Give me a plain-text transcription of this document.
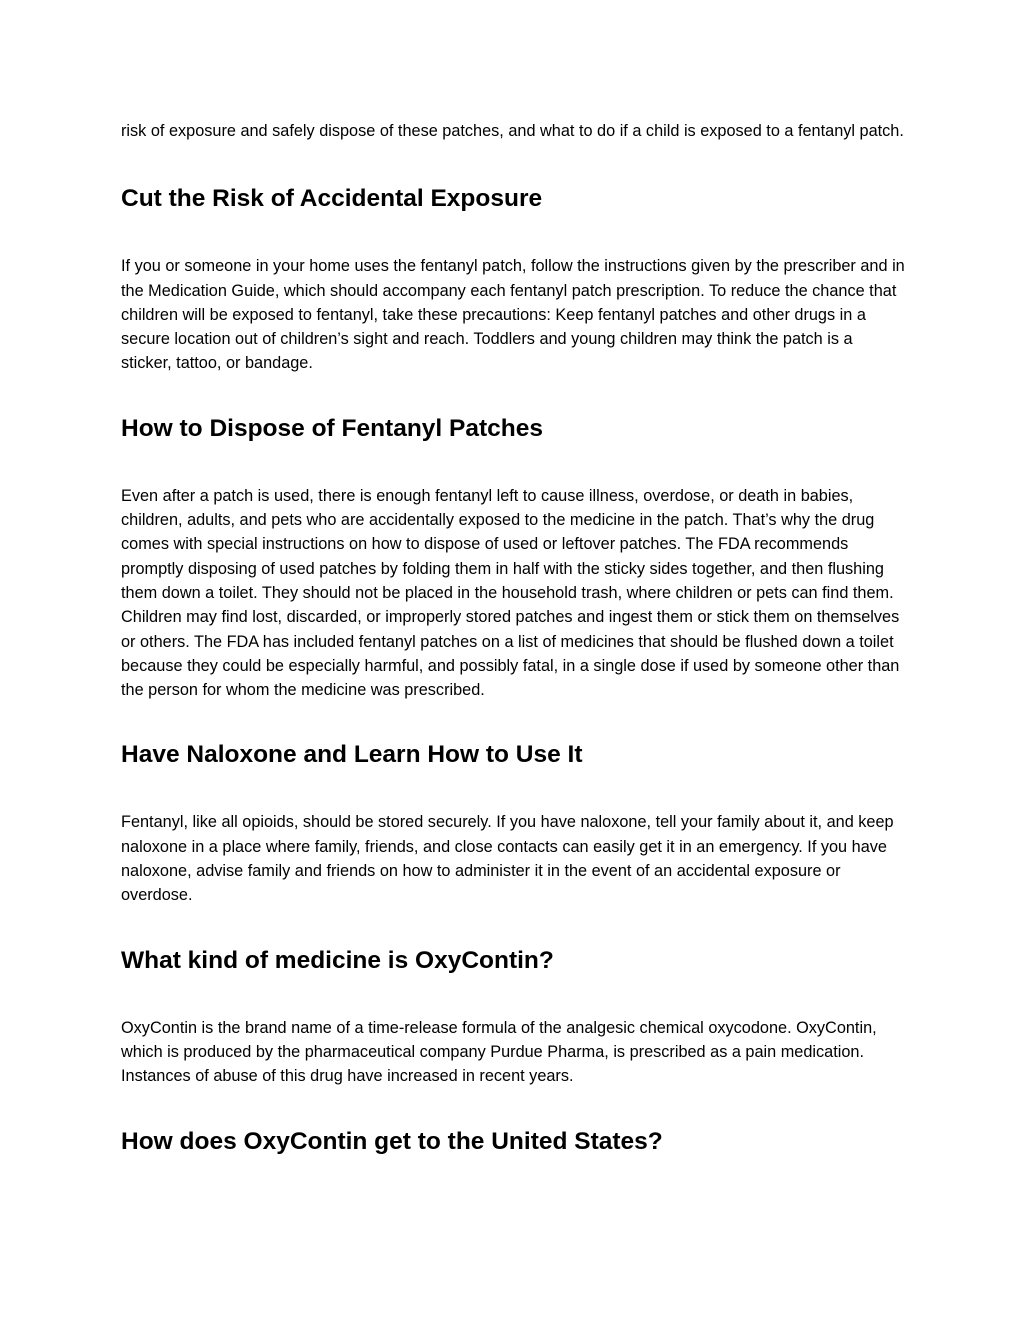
risk of exposure and safely dispose of these patches, and what to do if a child is exposed to a fentanyl patch.

Cut the Risk of Accidental Exposure

If you or someone in your home uses the fentanyl patch, follow the instructions given by the prescriber and in the Medication Guide, which should accompany each fentanyl patch prescription. To reduce the chance that children will be exposed to fentanyl, take these precautions: Keep fentanyl patches and other drugs in a secure location out of children’s sight and reach. Toddlers and young children may think the patch is a sticker, tattoo, or bandage.

How to Dispose of Fentanyl Patches

Even after a patch is used, there is enough fentanyl left to cause illness, overdose, or death in babies, children, adults, and pets who are accidentally exposed to the medicine in the patch. That’s why the drug comes with special instructions on how to dispose of used or leftover patches. The FDA recommends promptly disposing of used patches by folding them in half with the sticky sides together, and then flushing them down a toilet. They should not be placed in the household trash, where children or pets can find them. Children may find lost, discarded, or improperly stored patches and ingest them or stick them on themselves or others. The FDA has included fentanyl patches on a list of medicines that should be flushed down a toilet because they could be especially harmful, and possibly fatal, in a single dose if used by someone other than the person for whom the medicine was prescribed.

Have Naloxone and Learn How to Use It

Fentanyl, like all opioids, should be stored securely. If you have naloxone, tell your family about it, and keep naloxone in a place where family, friends, and close contacts can easily get it in an emergency. If you have naloxone, advise family and friends on how to administer it in the event of an accidental exposure or overdose.

What kind of medicine is OxyContin?

OxyContin is the brand name of a time-release formula of the analgesic chemical oxycodone. OxyContin, which is produced by the pharmaceutical company Purdue Pharma, is prescribed as a pain medication. Instances of abuse of this drug have increased in recent years.

How does OxyContin get to the United States?
